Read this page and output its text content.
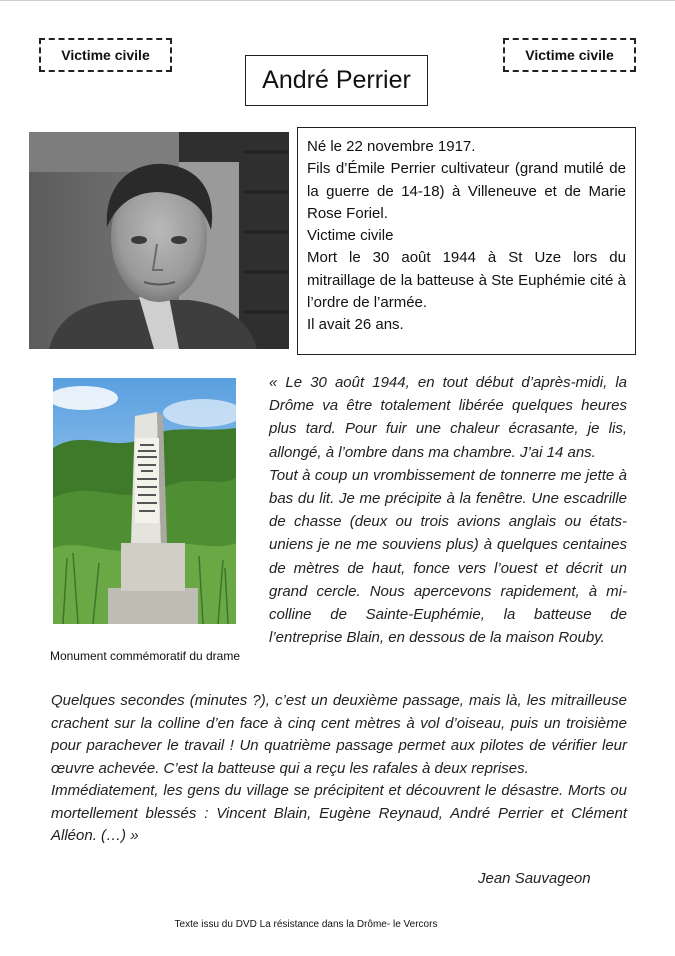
Victime civile	Victime civile
André Perrier

Né le 22 novembre 1917.

Fils d’Émile Perrier cultivateur (grand mutilé de la guerre de 14-18) à Villeneuve et de Marie Rose Foriel.

Victime civile

Mort le 30 août 1944 à St Uze lors du mitraillage de la batteuse à Ste Euphémie cité à l’ordre de l’armée.

Il avait 26 ans.

Monument commémoratif du drame

« Le 30 août 1944, en tout début d’après-midi, la Drôme va être totalement libérée quelques heures plus tard. Pour fuir une chaleur écrasante, je lis, allongé, à l’ombre dans ma chambre. J’ai 14 ans.

Tout à coup un vrombissement de tonnerre me jette à bas du lit. Je me précipite à la fenêtre. Une escadrille de chasse (deux ou trois avions anglais ou états-uniens je ne me souviens plus) à quelques centaines de mètres de haut, fonce vers l’ouest et décrit un grand cercle. Nous apercevons rapidement, à mi-colline de Sainte-Euphémie, la batteuse de l’entreprise Blain, en dessous de la maison Rouby.

Quelques secondes (minutes ?), c’est un deuxième passage, mais là, les mitrailleuse crachent sur la colline d’en face à cinq cent mètres à vol d’oiseau, puis un troisième pour parachever le travail ! Un quatrième passage permet aux pilotes de vérifier leur œuvre achevée. C’est la batteuse qui a reçu les rafales à deux reprises.

Immédiatement, les gens du village se précipitent et découvrent le désastre. Morts ou mortellement blessés : Vincent Blain, Eugène Reynaud, André Perrier et Clément Alléon. (…) »

Jean Sauvageon
Texte issu du DVD La résistance dans la Drôme- le Vercors
